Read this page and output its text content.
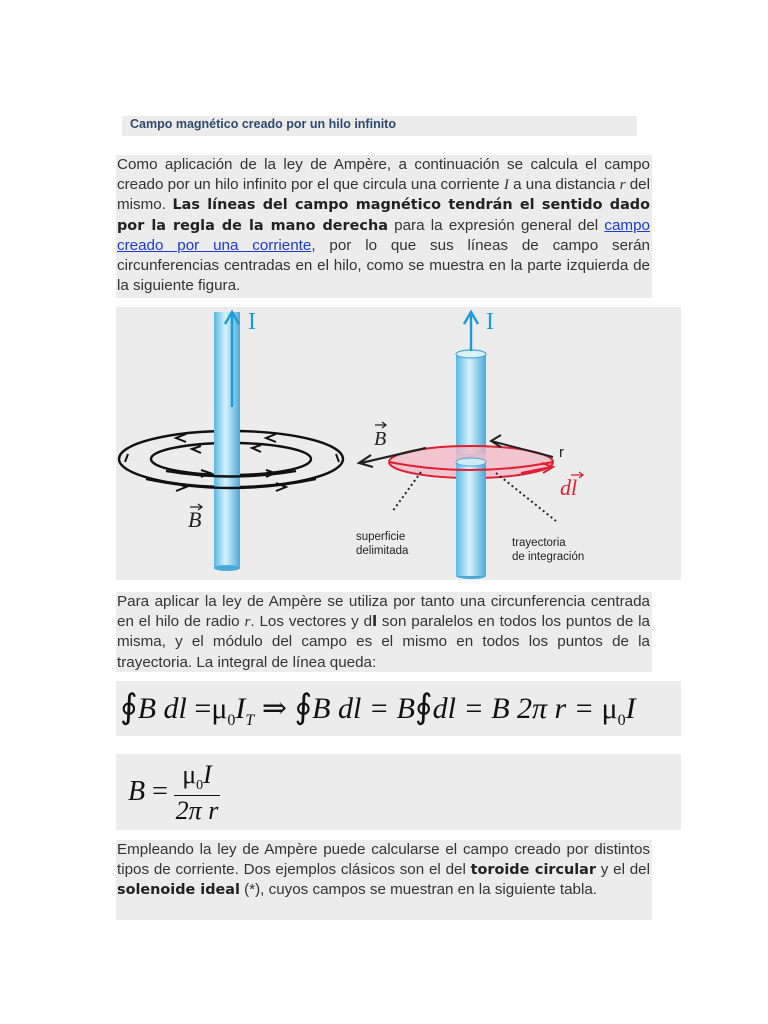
Campo magnético creado por un hilo infinito

Como aplicación de la ley de Ampère, a continuación se calcula el campo creado por un hilo infinito por el que circula una corriente I a una distancia r del mismo. Las líneas del campo magnético tendrán el sentido dado por la regla de la mano derecha para la expresión general del campo creado por una corriente, por lo que sus líneas de campo serán circunferencias centradas en el hilo, como se muestra en la parte izquierda de la siguiente figura.

I
B
B
r
dl
superficie
delimitada
trayectoria
de integración
I

Para aplicar la ley de Ampère se utiliza por tanto una circunferencia centrada en el hilo de radio r. Los vectores y dl son paralelos en todos los puntos de la misma, y el módulo del campo es el mismo en todos los puntos de la trayectoria. La integral de línea queda:

∮B dl $=\mu_0I_T$ ⇒ ∮B dl = B∮dl = B 2π $r = \mu_0I$
B =
$\mu_0I$
2π r

Empleando la ley de Ampère puede calcularse el campo creado por distintos tipos de corriente. Dos ejemplos clásicos son el del toroide circular y el del solenoide ideal (*), cuyos campos se muestran en la siguiente tabla.
